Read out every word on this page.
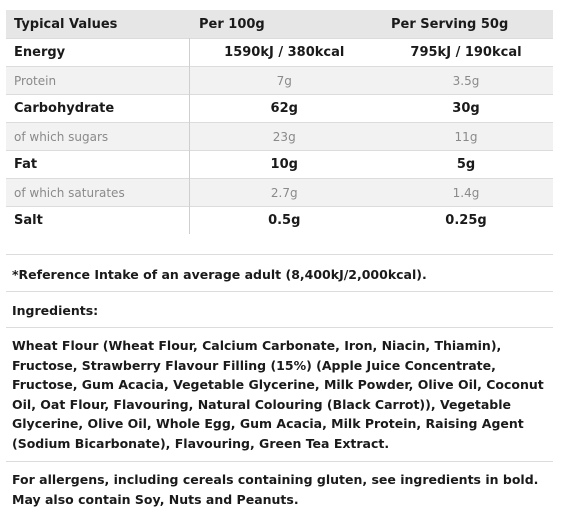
Typical Values	Per 100g	Per Serving 50g
Energy	1590kJ / 380kcal	795kJ / 190kcal
Protein	7g	3.5g
Carbohydrate	62g	30g
of which sugars	23g	11g
Fat	10g	5g
of which saturates	2.7g	1.4g
Salt	0.5g	0.25g
*Reference Intake of an average adult (8,400kJ/2,000kcal).
Ingredients:
Wheat Flour (Wheat Flour, Calcium Carbonate, Iron, Niacin, Thiamin), Fructose, Strawberry Flavour Filling (15%) (Apple Juice Concentrate, Fructose, Gum Acacia, Vegetable Glycerine, Milk Powder, Olive Oil, Coconut Oil, Oat Flour, Flavouring, Natural Colouring (Black Carrot)), Vegetable Glycerine, Olive Oil, Whole Egg, Gum Acacia, Milk Protein, Raising Agent (Sodium Bicarbonate), Flavouring, Green Tea Extract.
For allergens, including cereals containing gluten, see ingredients in bold. May also contain Soy, Nuts and Peanuts.
